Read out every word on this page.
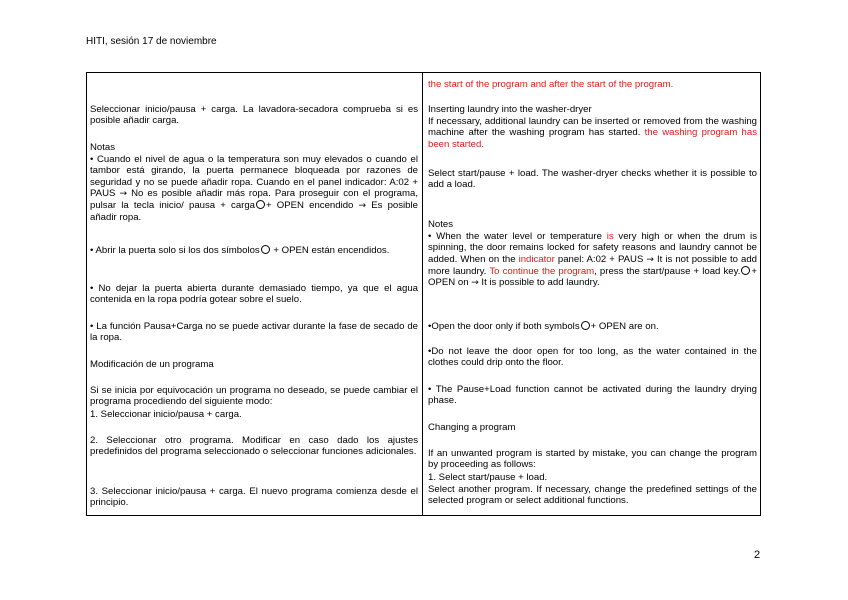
HITI, sesión 17 de noviembre

Seleccionar inicio/pausa + carga. La lavadora-secadora comprueba si es posible añadir carga.

Notas

• Cuando el nivel de agua o la temperatura son muy elevados o cuando el tambor está girando, la puerta permanece bloqueada por razones de seguridad y no se puede añadir ropa. Cuando en el panel indicador: A:02 + PAUS → No es posible añadir más ropa. Para proseguir con el programa, pulsar la tecla inicio/ pausa + carga + OPEN encendido → Es posible añadir ropa.

• Abrir la puerta solo si los dos símbolos + OPEN están encendidos.

• No dejar la puerta abierta durante demasiado tiempo, ya que el agua contenida en la ropa podría gotear sobre el suelo.

• La función Pausa+Carga no se puede activar durante la fase de secado de la ropa.

Modificación de un programa

Si se inicia por equivocación un programa no deseado, se puede cambiar el programa procediendo del siguiente modo:

1. Seleccionar inicio/pausa + carga.

2. Seleccionar otro programa. Modificar en caso dado los ajustes predefinidos del programa seleccionado o seleccionar funciones adicionales.

3. Seleccionar inicio/pausa + carga. El nuevo programa comienza desde el principio.

the start of the program and after the start of the program.

Inserting laundry into the washer-dryer

If necessary, additional laundry can be inserted or removed from the washing machine after the washing program has started. the washing program has been started.

Select start/pause + load. The washer-dryer checks whether it is possible to add a load.

Notes

• When the water level or temperature is very high or when the drum is spinning, the door remains locked for safety reasons and laundry cannot be added. When on the indicator panel: A:02 + PAUS → It is not possible to add more laundry. To continue the program, press the start/pause + load key. + OPEN on → It is possible to add laundry.

•Open the door only if both symbols + OPEN are on.

•Do not leave the door open for too long, as the water contained in the clothes could drip onto the floor.

• The Pause+Load function cannot be activated during the laundry drying phase.

Changing a program

If an unwanted program is started by mistake, you can change the program by proceeding as follows:

1. Select start/pause + load.

Select another program. If necessary, change the predefined settings of the selected program or select additional functions.

2
